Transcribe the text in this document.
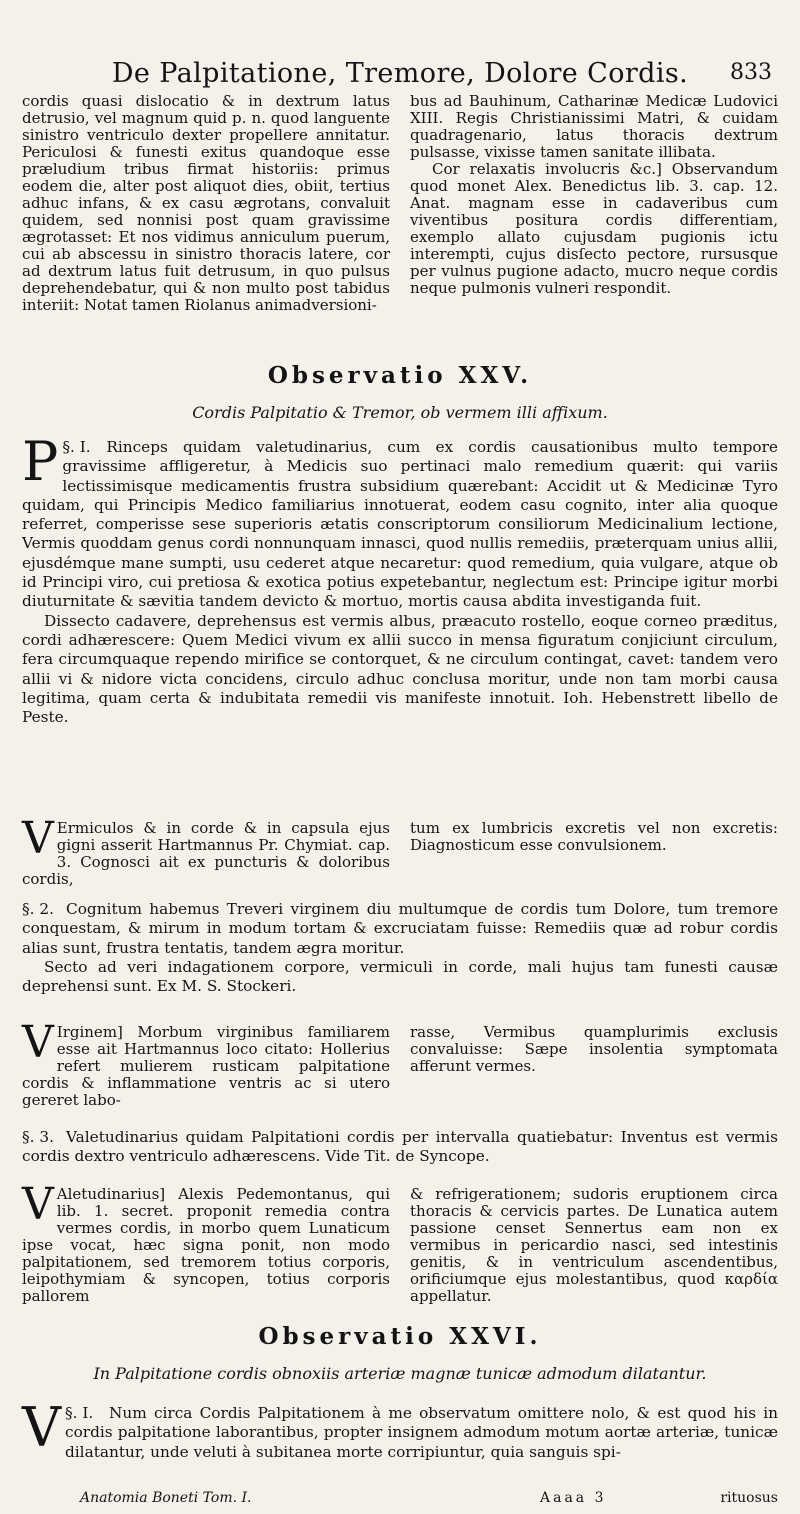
De Palpitatione, Tremore, Dolore Cordis.	833

cordis quasi dislocatio & in dextrum latus detrusio, vel magnum quid p. n. quod languente sinistro ventriculo dexter propellere annitatur. Periculosi & funesti exitus quandoque esse præludium tribus firmat historiis: primus eodem die, alter post aliquot dies, obiit, tertius adhuc infans, & ex casu ægrotans, convaluit quidem, sed nonnisi post quam gravissime ægrotasset: Et nos vidimus anniculum puerum, cui ab abscessu in sinistro thoracis latere, cor ad dextrum latus fuit detrusum, in quo pulsus deprehendebatur, qui & non multo post tabidus interiit: Notat tamen Riolanus animadversioni-

bus ad Bauhinum, Catharinæ Medicæ Ludovici XIII. Regis Christianissimi Matri, & cuidam quadragenario, latus thoracis dextrum pulsasse, vixisse tamen sanitate illibata.

Cor relaxatis involucris &c.] Observandum quod monet Alex. Benedictus lib. 3. cap. 12. Anat. magnam esse in cadaveribus cum viventibus positura cordis differentiam, exemplo allato cujusdam pugionis ictu interempti, cujus disſecto pectore, rursusque per vulnus pugione adacto, mucro neque cordis neque pulmonis vulneri respondit.

Observatio XXV.
Cordis Palpitatio & Tremor, ob vermem illi affixum.

§. I.
P	Rinceps quidam valetudinarius, cum ex cordis causationibus multo tempore gravissime affligeretur, à Medicis suo pertinaci malo remedium quærit: qui variis lectissimisque medicamentis frustra subsidium quærebant: Accidit ut & Medicinæ Tyro quidam, qui Principis Medico familiarius innotuerat, eodem casu cognito, inter alia quoque referret, comperisse sese superioris ætatis conscriptorum consiliorum Medicinalium lectione, Vermis quoddam genus cordi nonnunquam innasci, quod nullis remediis, præterquam unius allii, ejusdémque mane sumpti, usu cederet atque necaretur: quod remedium, quia vulgare, atque ob id Principi viro, cui pretiosa & exotica potius expetebantur, neglectum est: Principe igitur morbi diuturnitate & sævitia tandem devicto & mortuo, mortis causa abdita investiganda fuit.

Dissecto cadavere, deprehensus est vermis albus, præacuto rostello, eoque corneo præditus, cordi adhærescere: Quem Medici vivum ex allii succo in mensa figuratum conjiciunt circulum, fera circumquaque rependo mirifice se contorquet, & ne circulum contingat, cavet: tandem vero allii vi & nidore victa concidens, circulo adhuc conclusa moritur, unde non tam morbi causa legitima, quam certa & indubitata remedii vis manifeste innotuit. Ioh. Hebenstrett libello de Peste.

V Ermiculos & in corde & in capsula ejus gigni asserit Hartmannus Pr. Chymiat. cap. 3. Cognosci ait ex puncturis & doloribus cordis,

tum ex lumbricis excretis vel non excretis: Diagnosticum esse convulsionem.

§. 2. Cognitum habemus Treveri virginem diu multumque de cordis tum Dolore, tum tremore conquestam, & mirum in modum tortam & excruciatam fuisse: Remediis quæ ad robur cordis alias sunt, frustra tentatis, tandem ægra moritur.

Secto ad veri indagationem corpore, vermiculi in corde, mali hujus tam funesti causæ deprehensi sunt. Ex M. S. Stockeri.

V Irginem] Morbum virginibus familiarem esse ait Hartmannus loco citato: Hollerius refert mulierem rusticam palpitatione cordis & inflammatione ventris ac si utero gereret labo-

rasse, Vermibus quamplurimis exclusis convaluisse: Sæpe insolentia symptomata afferunt vermes.

§. 3. Valetudinarius quidam Palpitationi cordis per intervalla quatiebatur: Inventus est vermis cordis dextro ventriculo adhærescens. Vide Tit. de Syncope.

V Aletudinarius] Alexis Pedemontanus, qui lib. 1. secret. proponit remedia contra vermes cordis, in morbo quem Lunaticum ipse vocat, hæc signa ponit, non modo palpitationem, sed tremorem totius corporis, leipothymiam & syncopen, totius corporis pallorem

& refrigerationem; sudoris eruptionem circa thoracis & cervicis partes. De Lunatica autem passione censet Sennertus eam non ex vermibus in pericardio nasci, sed intestinis genitis, & in ventriculum ascendentibus, orificiumque ejus molestantibus, quod καρδία appellatur.

Observatio XXVI.
In Palpitatione cordis obnoxiis arteriæ magnæ tunicæ admodum dilatantur.

§. I.
V	Num circa Cordis Palpitationem à me observatum omittere nolo, & est quod his in cordis palpitatione laborantibus, propter insignem admodum motum aortæ arteriæ, tunicæ dilatantur, unde veluti à subitanea morte corripiuntur, quia sanguis spi-

Anatomia Boneti Tom. I.	Aaaa 3	rituosus
